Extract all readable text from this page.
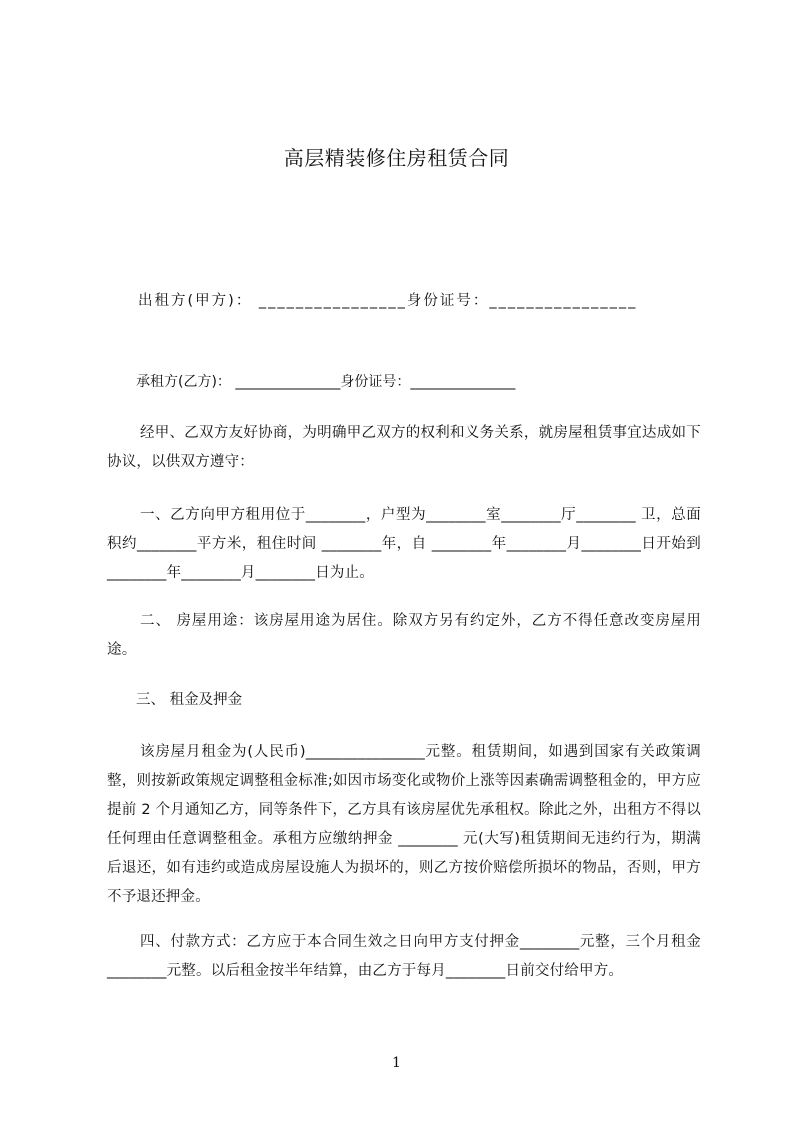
高层精装修住房租赁合同
出租方(甲方)： ________________身份证号：________________
承租方(乙方)： _______________身份证号：_______________
经甲、乙双方友好协商，为明确甲乙双方的权利和义务关系，就房屋租赁事宜达成如下协议，以供双方遵守：
一、乙方向甲方租用位于________，户型为________室________厅________ 卫，总面积约________平方米，租住时间 ________年，自 ________年________月________日开始到________年________月________日为止。
二、 房屋用途：该房屋用途为居住。除双方另有约定外，乙方不得任意改变房屋用途。
三、 租金及押金
该房屋月租金为(人民币)________________元整。租赁期间，如遇到国家有关政策调整，则按新政策规定调整租金标准;如因市场变化或物价上涨等因素确需调整租金的，甲方应提前 2 个月通知乙方，同等条件下，乙方具有该房屋优先承租权。除此之外，出租方不得以任何理由任意调整租金。承租方应缴纳押金 ________ 元(大写)租赁期间无违约行为，期满后退还，如有违约或造成房屋设施人为损坏的，则乙方按价赔偿所损坏的物品，否则，甲方不予退还押金。
四、付款方式：乙方应于本合同生效之日向甲方支付押金________元整，三个月租金________元整。以后租金按半年结算，由乙方于每月________日前交付给甲方。
1
